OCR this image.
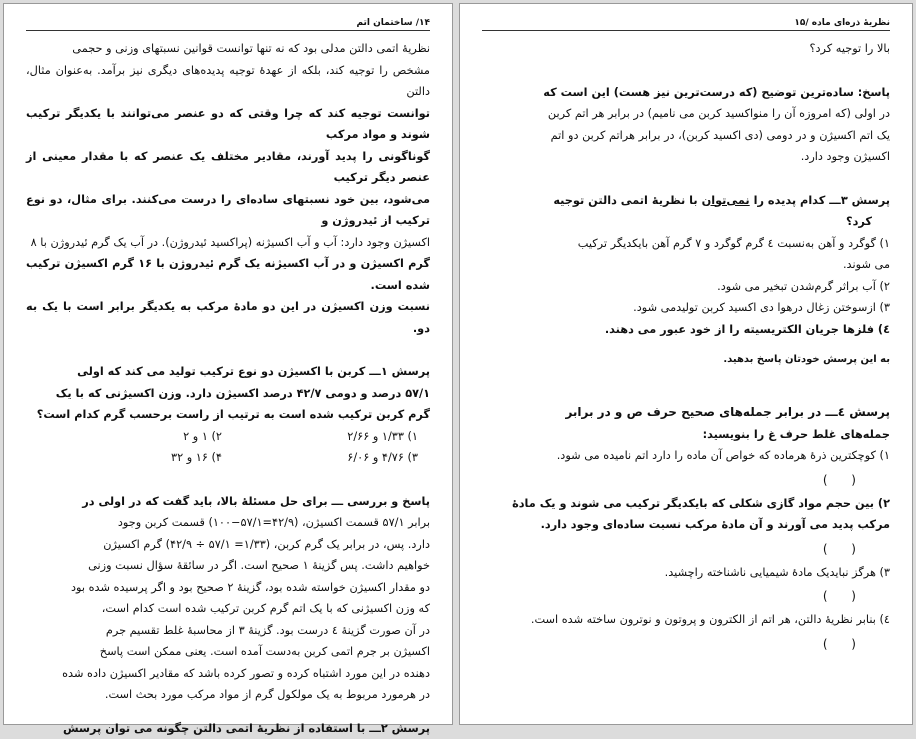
۱۴/ ساختمان اتم

نظریهٔ اتمی دالتن مدلی بود که نه تنها توانست قوانین نسبتهای وزنی و حجمی

مشخص را توجیه کند، بلکه از عهدهٔ توجیه پدیده‌های دیگری نیز برآمد. به‌عنوان مثال، دالتن

توانست توجیه کند که چرا وقتی که دو عنصر می‌توانند با یکدیگر ترکیب شوند و مواد مرکب

گوناگونی را پدید آورند، مقادیر مختلف یک عنصر که با مقدار معینی از عنصر دیگر ترکیب

می‌شود، بین خود نسبتهای ساده‌ای را درست می‌کنند. برای مثال، دو نوع ترکیب از ئیدروژن و

اکسیژن وجود دارد: آب و آب اکسیژنه (پراکسید ئیدروژن). در آب یک گرم ئیدروژن با ۸

گرم اکسیژن و در آب اکسیژنه یک گرم ئیدروژن با ۱۶ گرم اکسیژن ترکیب شده است.

نسبت وزن اکسیژن در این دو مادهٔ مرکب به یکدیگر برابر است با یک به دو.

پرسش ۱ـــ کربن با اکسیژن دو نوع ترکیب تولید می کند که اولی

۵۷/۱ درصد و دومی ۴۲/۷ درصد اکسیژن دارد. وزن اکسیژنی که با یک

گرم کربن ترکیب شده است به ترتیب از راست برحسب گرم کدام است؟

۱) ۱/۳۳ و ۲/۶۶
۲) ۱ و ۲
۳) ۴/۷۶ و ۶/۰۶
۴) ۱۶ و ۳۲

پاسخ و بررسی ـــ برای حل مسئلهٔ بالا، باید گفت که در اولی در

برابر ۵۷/۱ قسمت اکسیژن، (۴۲/۹=۵۷/۱−۱۰۰) قسمت کربن وجود

دارد. پس، در برابر یک گرم کربن، (۱/۳۳= ۵۷/۱ ÷ ۴۲/۹) گرم اکسیژن

خواهیم داشت. پس گزینهٔ ۱ صحیح است. اگر در سائقهٔ سؤال نسبت وزنی

دو مقدار اکسیژن خواسته شده بود، گزینهٔ ۲ صحیح بود و اگر پرسیده شده بود

که وزن اکسیژنی که با یک اتم گرم کربن ترکیب شده است کدام است،

در آن صورت گزینهٔ ٤ درست بود. گزینهٔ ۳ از محاسبهٔ غلط تقسیم جرم

اکسیژن بر جرم اتمی کربن به‌دست آمده است. یعنی ممکن است پاسخ

دهنده در این مورد اشتباه کرده و تصور کرده باشد که مقادیر اکسیژن داده شده

در هرمورد مربوط به یک مولکول گرم از مواد مرکب مورد بحث است.

پرسش ۲ـــ با استفاده از نظریهٔ اتمی دالتن چگونه می توان پرسش

نظریهٔ ذره‌ای ماده /۱۵

بالا را توجیه کرد؟

پاسخ: ساده‌ترین توضیح (که درست‌ترین نیز هست) این است که

در اولی (که امروزه آن را منواکسید کربن می نامیم) در برابر هر اتم کربن

یک اتم اکسیژن و در دومی (دی اکسید کربن)، در برابر هراتم کربن دو اتم

اکسیژن وجود دارد.

پرسش ۳ـــ کدام پدیده را نمی‌توان با نظریهٔ اتمی دالتن توجیه

کرد؟

۱) گوگرد و آهن به‌نسبت ٤ گرم گوگرد و ۷ گرم آهن بایکدیگر ترکیب

می شوند.

۲) آب براثر گرم‌شدن تبخیر می شود.

۳) ازسوختن زغال درهوا دی اکسید کربن تولیدمی شود.

٤) فلزها جریان الکتریسیته را از خود عبور می دهند.

به این پرسش خودتان پاسخ بدهید.

پرسش ٤ـــ در برابر جمله‌های صحیح حرف ص و در برابر

جمله‌های غلط حرف غ را بنویسید:

۱) کوچکترین ذرهٔ هرماده که خواص آن ماده را دارد اتم نامیده می شود.

( )

۲) بین حجم مواد گازی شکلی که بایکدیگر ترکیب می شوند و یک مادهٔ

مرکب پدید می آورند و آن مادهٔ مرکب نسبت ساده‌ای وجود دارد.

( )

۳) هرگز نبایدیک مادهٔ شیمیایی ناشناخته راچشید.

( )

٤) بنابر نظریهٔ دالتن، هر اتم از الکترون و پروتون و نوترون ساخته شده است.

( )
